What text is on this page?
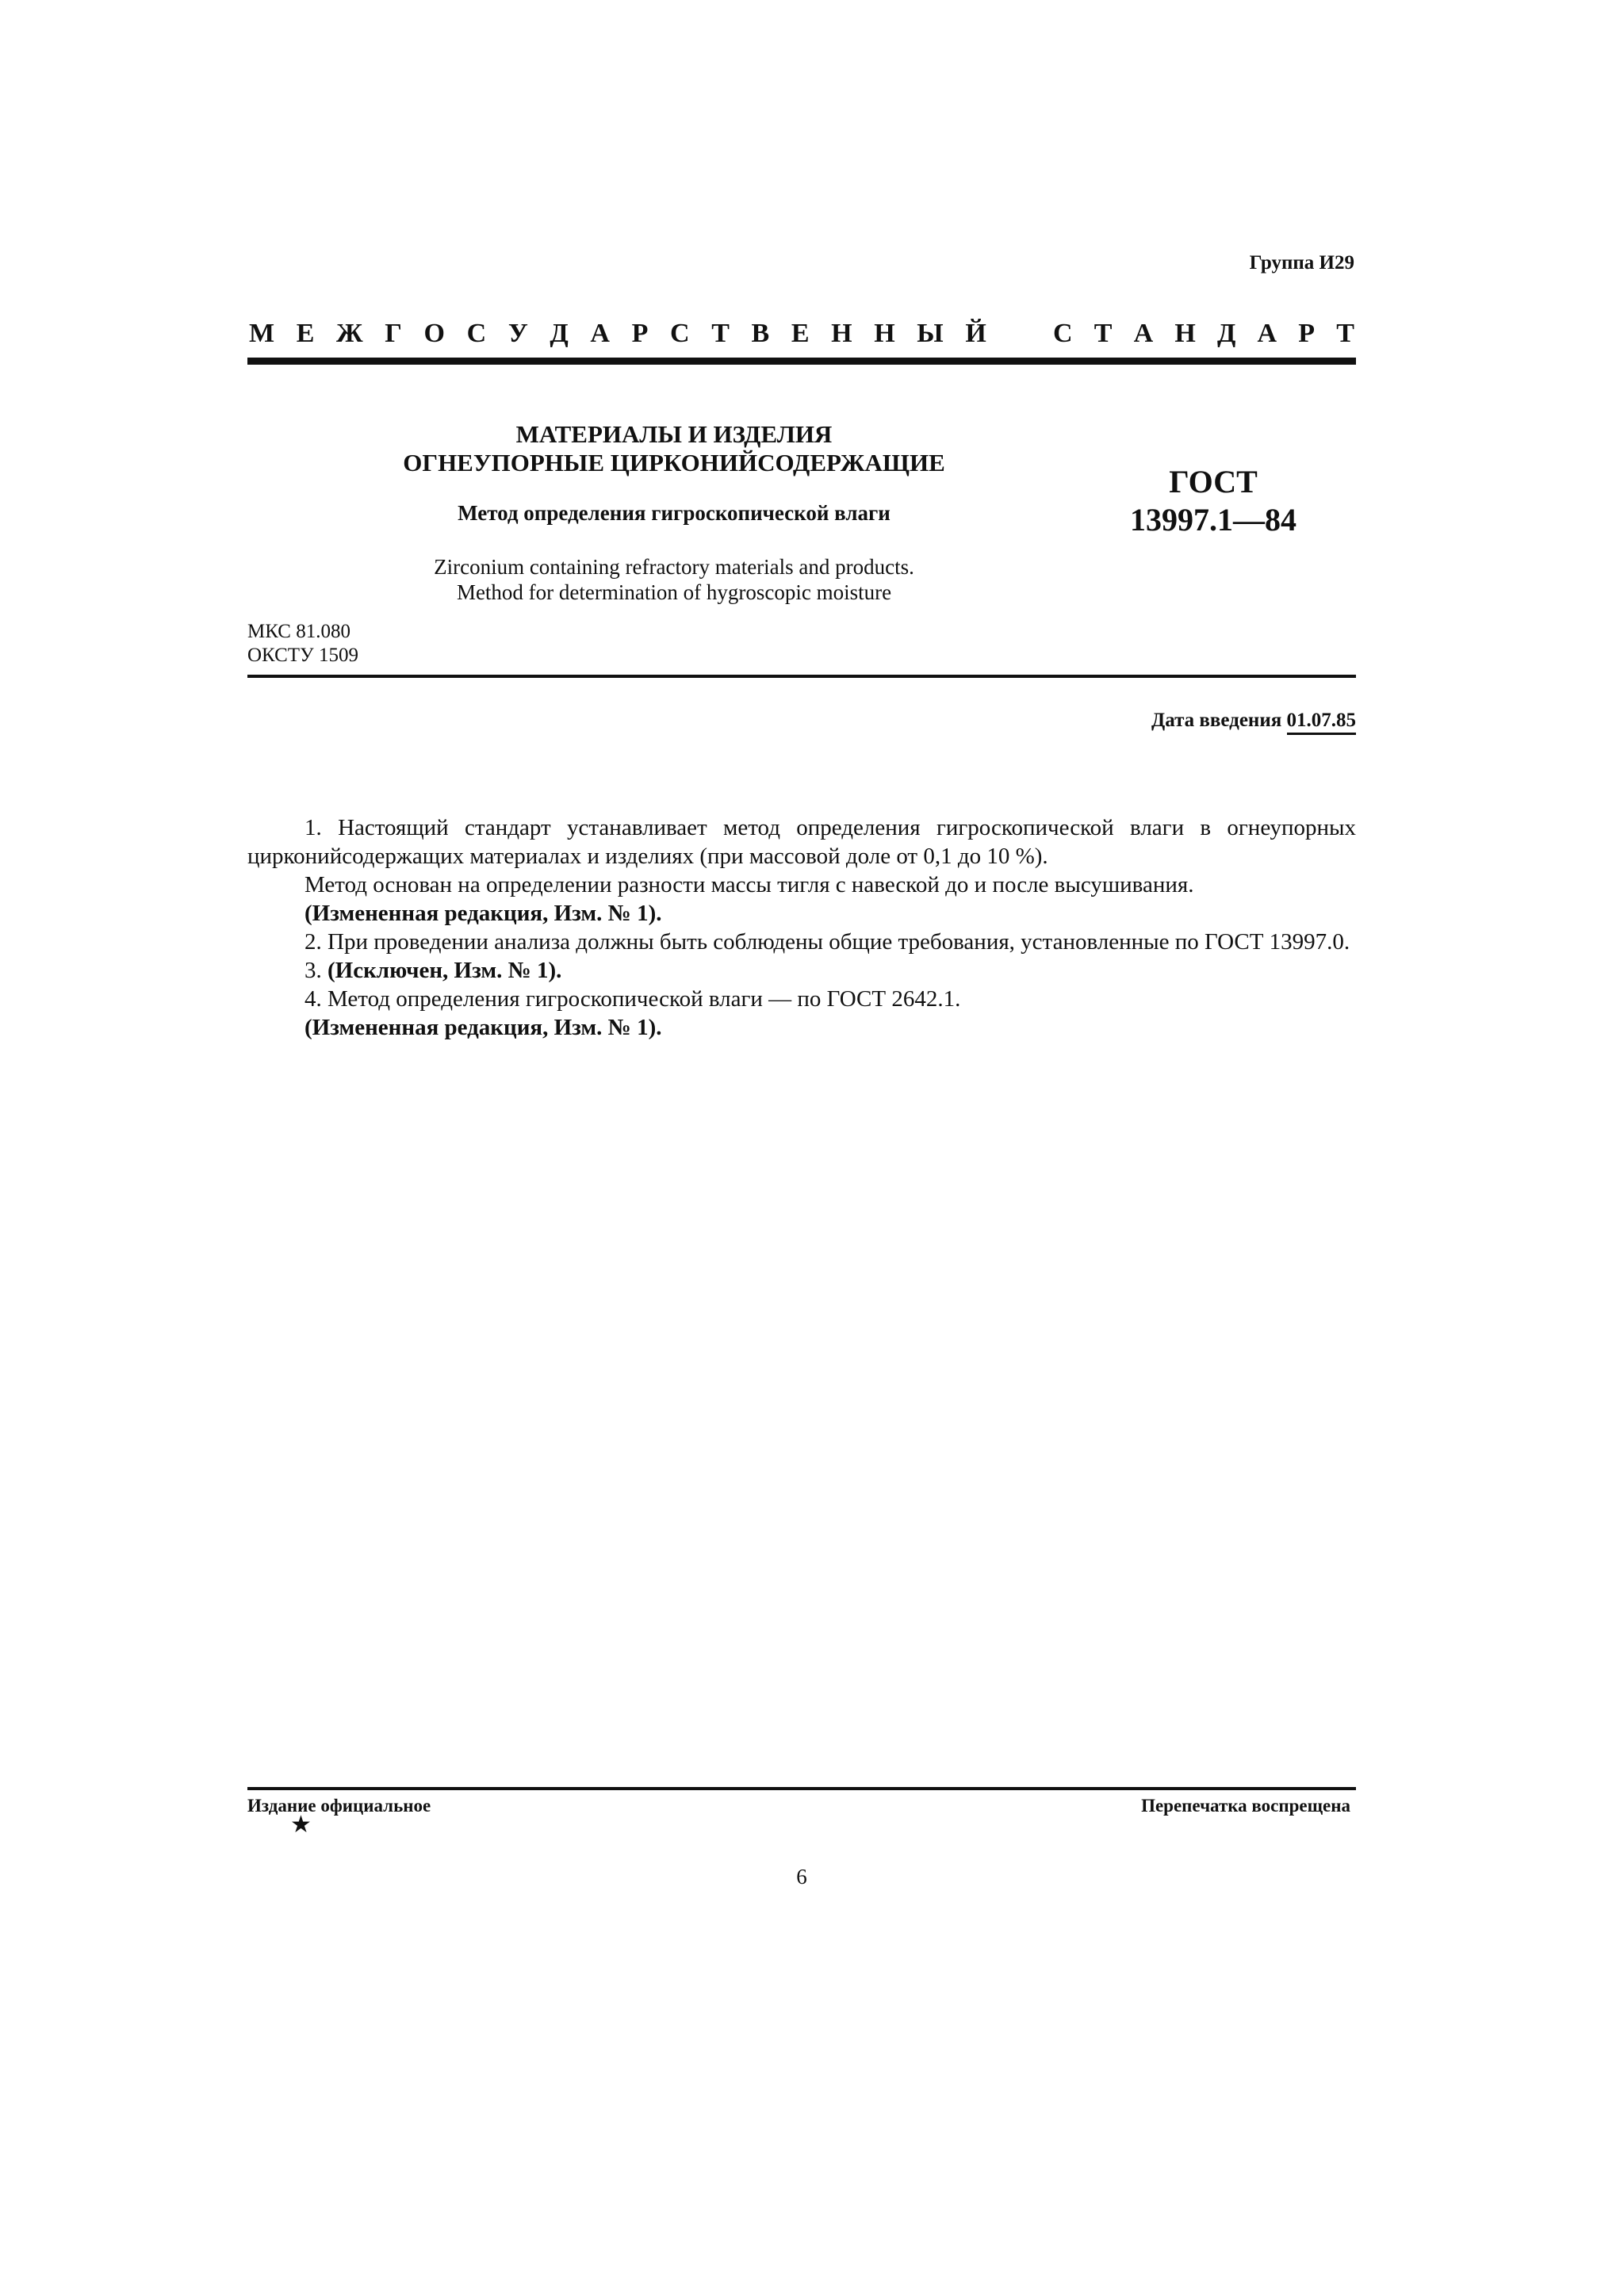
Группа И29
М Е Ж Г О С У Д А Р С Т В Е Н Н Ы Й С Т А Н Д А Р Т
МАТЕРИАЛЫ И ИЗДЕЛИЯ
ОГНЕУПОРНЫЕ ЦИРКОНИЙСОДЕРЖАЩИЕ
Метод определения гигроскопической влаги
Zirconium containing refractory materials and products.
Method for determination of hygroscopic moisture
ГОСТ
13997.1—84
МКС 81.080
ОКСТУ 1509
Дата введения 01.07.85

1. Настоящий стандарт устанавливает метод определения гигроскопической влаги в огнеупорных цирконийсодержащих материалах и изделиях (при массовой доле от 0,1 до 10 %).

Метод основан на определении разности массы тигля с навеской до и после высушивания.

(Измененная редакция, Изм. № 1).

2. При проведении анализа должны быть соблюдены общие требования, установленные по ГОСТ 13997.0.

3. (Исключен, Изм. № 1).

4. Метод определения гигроскопической влаги — по ГОСТ 2642.1.

(Измененная редакция, Изм. № 1).

Издание официальное	Перепечатка воспрещена
★
6
